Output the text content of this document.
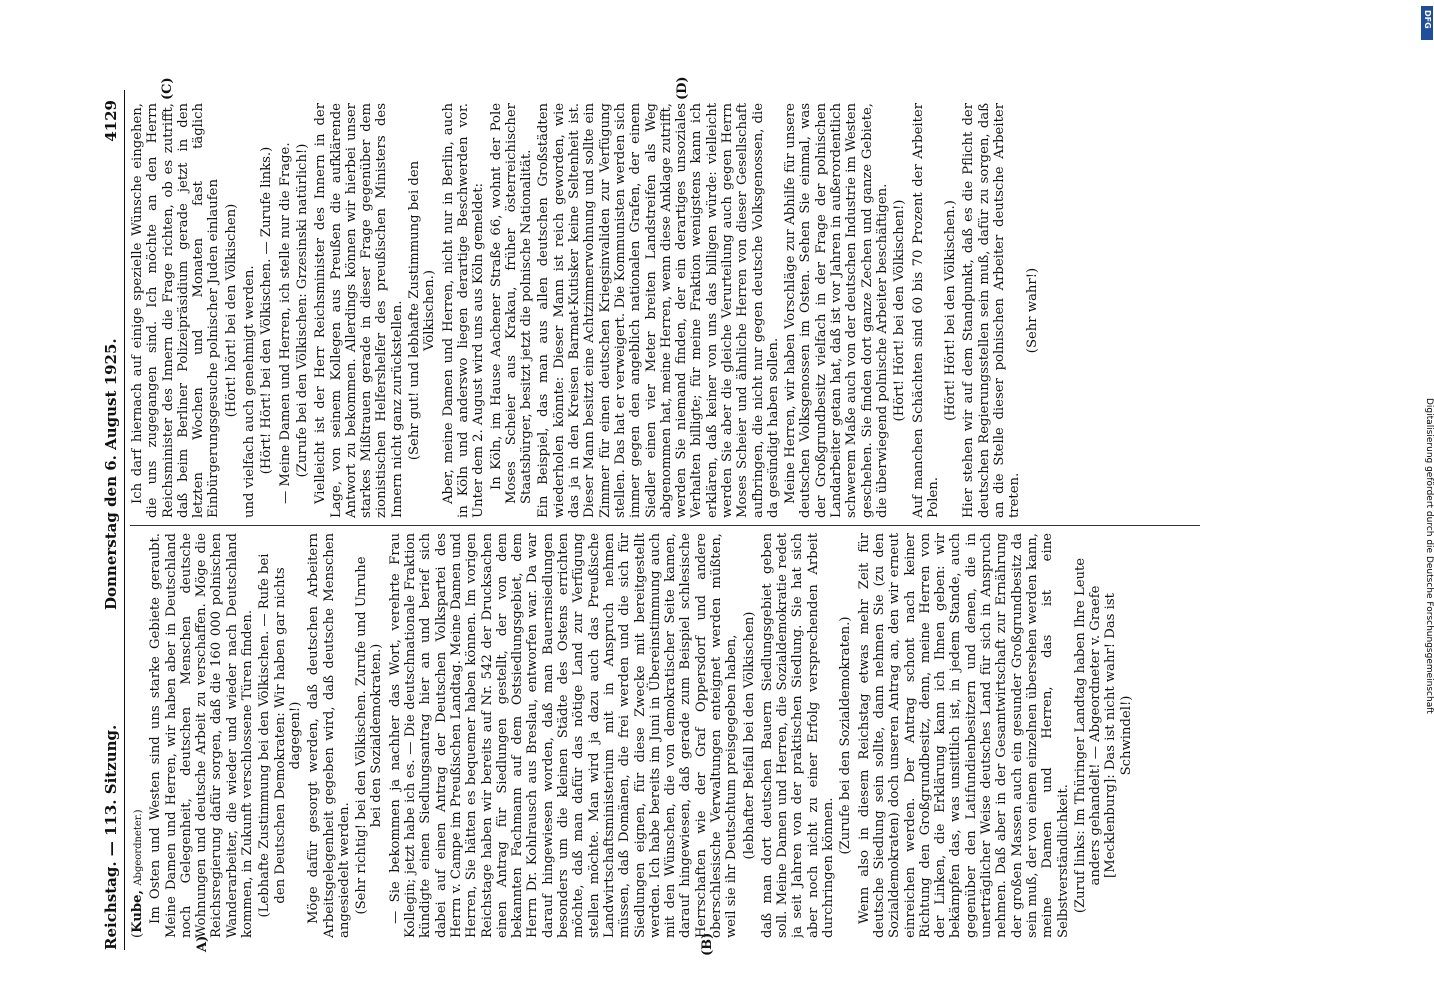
Reichstag. — 113. Sitzung.
Donnerstag den 6. August 1925.
4129
A)	(B)
(C)	(D)

(Kube, Abgeordneter.) Im Osten und Westen sind uns starke Gebiete geraubt. Meine Damen und Herren, wir haben aber in Deutschland noch Gelegenheit, deutschen Menschen deutsche Wohnungen und deutsche Arbeit zu verschaffen. Möge die Reichsregierung dafür sorgen, daß die 160 000 polnischen Wanderarbeiter, die wieder und wieder nach Deutschland kommen, in Zukunft verschlossene Türen finden. (Lebhafte Zustimmung bei den Völkischen. — Rufe bei den Deutschen Demokraten: Wir haben gar nichts dagegen!) Möge dafür gesorgt werden, daß deutschen Arbeitern Arbeitsgelegenheit gegeben wird, daß deutsche Menschen angesiedelt werden. (Sehr richtig! bei den Völkischen. Zurufe und Unruhe bei den Sozialdemokraten.) — Sie bekommen ja nachher das Wort, verehrte Frau Kollegin; jetzt habe ich es. — Die deutschnationale Fraktion kündigte einen Siedlungsantrag hier an und berief sich dabei auf einen Antrag der Deutschen Volkspartei des Herrn v. Campe im Preußischen Landtag. Meine Damen und Herren, Sie hätten es bequemer haben können. Im vorigen Reichstage haben wir bereits auf Nr. 542 der Drucksachen einen Antrag für Siedlungen gestellt, der von dem bekannten Fachmann auf dem Ostsiedlungsgebiet, dem Herrn Dr. Kohlrausch aus Breslau, entworfen war. Da war darauf hingewiesen worden, daß man Bauernsiedlungen besonders um die kleinen Städte des Ostens errichten möchte, daß man dafür das nötige Land zur Verfügung stellen möchte. Man wird ja dazu auch das Preußische Landwirtschaftsministerium mit in Anspruch nehmen müssen, daß Domänen, die frei werden und die sich für Siedlungen eignen, für diese Zwecke mit bereitgestellt werden. Ich habe bereits im Juni in Übereinstimmung auch mit den Wünschen, die von demokratischer Seite kamen, darauf hingewiesen, daß gerade zum Beispiel schlesische Herrschaften wie der Graf Oppersdorf und andere oberschlesische Verwaltungen enteignet werden müßten, weil sie ihr Deutschtum preisgegeben haben, (lebhafter Beifall bei den Völkischen) daß man dort deutschen Bauern Siedlungsgebiet geben soll. Meine Damen und Herren, die Sozialdemokratie redet ja seit Jahren von der praktischen Siedlung. Sie hat sich aber noch nicht zu einer Erfolg versprechenden Arbeit durchringen können.

(Zurufe bei den Sozialdemokraten.) Wenn also in diesem Reichstag etwas mehr Zeit für deutsche Siedlung sein sollte, dann nehmen Sie (zu den Sozialdemokraten) doch unseren Antrag an, den wir erneut einreichen werden. Der Antrag schont nach keiner Richtung den Großgrundbesitz, denn, meine Herren von der Linken, die Erklärung kann ich Ihnen geben: wir bekämpfen das, was unsittlich ist, in jedem Stande, auch gegenüber den Latifundienbesitzern und denen, die in unerträglicher Weise deutsches Land für sich in Anspruch nehmen. Daß aber in der Gesamtwirtschaft zur Ernährung der großen Massen auch ein gesunder Großgrundbesitz da sein muß, der von einem einzelnen übersehen werden kann, meine Damen und Herren, das ist eine Selbstverständlichkeit. (Zuruf links: Im Thüringer Landtag haben Ihre Leute anders gehandelt! — Abgeordneter v. Graefe [Mecklenburg]: Das ist nicht wahr! Das ist Schwindel!)

Ich darf hiernach auf einige spezielle Wünsche eingehen, die uns zugegangen sind. Ich möchte an den Herrn Reichsminister des Innern die Frage richten, ob es zutrifft, daß beim Berliner Polizeipräsidium gerade jetzt in den letzten Wochen und Monaten fast täglich Einbürgerungsgesuche polnischer Juden einlaufen (Hört! hört! bei den Völkischen) und vielfach auch genehmigt werden. (Hört! Hört! bei den Völkischen. — Zurufe links.) — Meine Damen und Herren, ich stelle nur die Frage. (Zurufe bei den Völkischen: Grzesinski natürlich!) Vielleicht ist der Herr Reichsminister des Innern in der Lage, von seinem Kollegen aus Preußen die aufklärende Antwort zu bekommen. Allerdings können wir hierbei unser starkes Mißtrauen gerade in dieser Frage gegenüber dem zionistischen Helfershelfer des preußischen Ministers des Innern nicht ganz zurückstellen. (Sehr gut! und lebhafte Zustimmung bei den Völkischen.) Aber, meine Damen und Herren, nicht nur in Berlin, auch in Köln und anderswo liegen derartige Beschwerden vor. Unter dem 2. August wird uns aus Köln gemeldet: In Köln, im Hause Aachener Straße 66, wohnt der Pole Moses Scheier aus Krakau, früher österreichischer Staatsbürger, besitzt jetzt die polnische Nationalität. Ein Beispiel, das man aus allen deutschen Großstädten wiederholen könnte: Dieser Mann ist reich geworden, wie das ja in den Kreisen Barmat-Kutisker keine Seltenheit ist. Dieser Mann besitzt eine Achtzimmerwohnung und sollte ein Zimmer für einen deutschen Kriegsinvaliden zur Verfügung stellen. Das hat er verweigert. Die Kommunisten werden sich immer gegen den angeblich nationalen Grafen, der einem Siedler einen vier Meter breiten Landstreifen als Weg abgenommen hat, meine Herren, wenn diese Anklage zutrifft, werden Sie niemand finden, der ein derartiges unsoziales Verhalten billigte; für meine Fraktion wenigstens kann ich erklären, daß keiner von uns das billigen würde: vielleicht werden Sie aber die gleiche Verurteilung auch gegen Herrn Moses Scheier und ähnliche Herren von dieser Gesellschaft aufbringen, die nicht nur gegen deutsche Volksgenossen, die da gesündigt haben sollen. Meine Herren, wir haben Vorschläge zur Abhilfe für unsere deutschen Volksgenossen im Osten. Sehen Sie einmal, was der Großgrundbesitz vielfach in der Frage der polnischen Landarbeiter getan hat, daß ist vor Jahren in außerordentlich schwerem Maße auch von der deutschen Industrie im Westen geschehen. Sie finden dort ganze Zechen und ganze Gebiete, die überwiegend polnische Arbeiter beschäftigen. (Hört! Hört! bei den Völkischen!) Auf manchen Schächten sind 60 bis 70 Prozent der Arbeiter Polen.

(Hört! Hört! bei den Völkischen.) Hier stehen wir auf dem Standpunkt, daß es die Pflicht der deutschen Regierungsstellen sein muß, dafür zu sorgen, daß an die Stelle dieser polnischen Arbeiter deutsche Arbeiter treten.

(Sehr wahr!)

Digitalisierung gefördert durch die Deutsche Forschungsgemeinschaft
DFG
